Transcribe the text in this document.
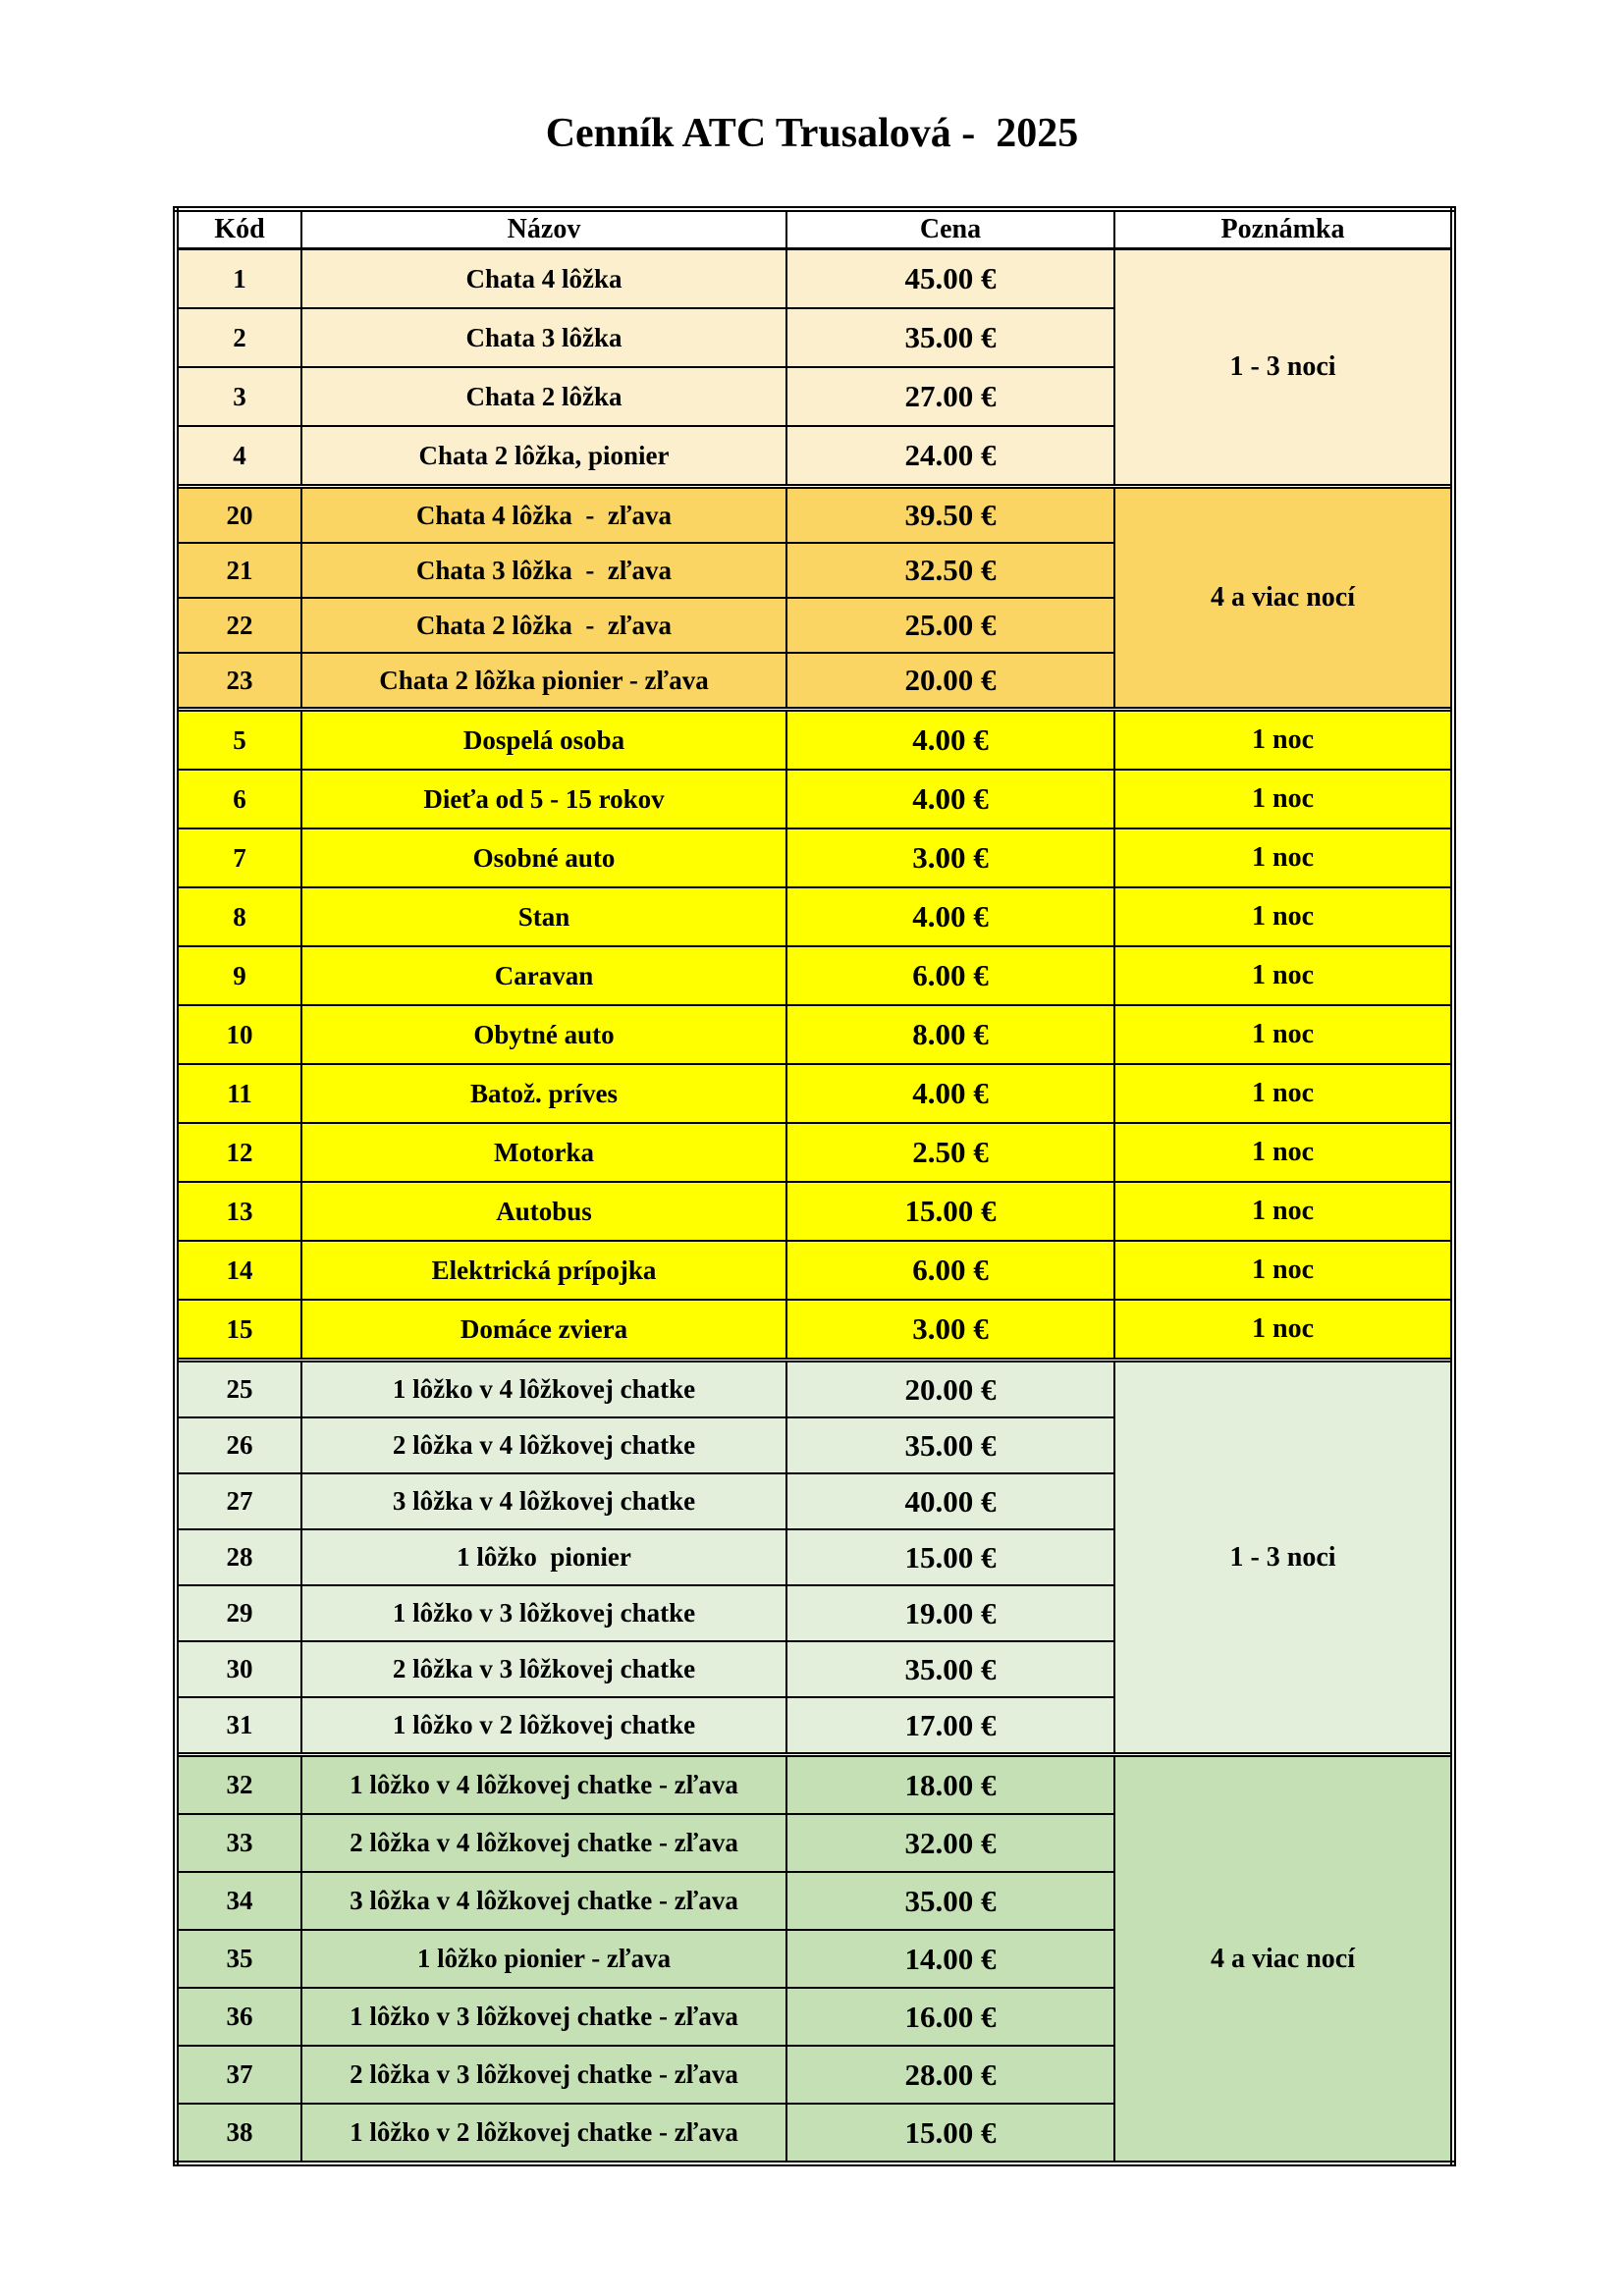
Cenník ATC Trusalová -  2025
Kód	Názov	Cena	Poznámka
1	Chata 4 lôžka	45.00 €	1 - 3 noci
2	Chata 3 lôžka	35.00 €	
3	Chata 2 lôžka	27.00 €	
4	Chata 2 lôžka, pionier	24.00 €	
20	Chata 4 lôžka  -  zľava	39.50 €	4 a viac nocí
21	Chata 3 lôžka  -  zľava	32.50 €	
22	Chata 2 lôžka  -  zľava	25.00 €	
23	Chata 2 lôžka pionier - zľava	20.00 €	
5	Dospelá osoba	4.00 €	1 noc
6	Dieťa od 5 - 15 rokov	4.00 €	1 noc
7	Osobné auto	3.00 €	1 noc
8	Stan	4.00 €	1 noc
9	Caravan	6.00 €	1 noc
10	Obytné auto	8.00 €	1 noc
11	Batož. príves	4.00 €	1 noc
12	Motorka	2.50 €	1 noc
13	Autobus	15.00 €	1 noc
14	Elektrická prípojka	6.00 €	1 noc
15	Domáce zviera	3.00 €	1 noc
25	1 lôžko v 4 lôžkovej chatke	20.00 €	1 - 3 noci
26	2 lôžka v 4 lôžkovej chatke	35.00 €	
27	3 lôžka v 4 lôžkovej chatke	40.00 €	
28	1 lôžko  pionier	15.00 €	
29	1 lôžko v 3 lôžkovej chatke	19.00 €	
30	2 lôžka v 3 lôžkovej chatke	35.00 €	
31	1 lôžko v 2 lôžkovej chatke	17.00 €	
32	1 lôžko v 4 lôžkovej chatke - zľava	18.00 €	4 a viac nocí
33	2 lôžka v 4 lôžkovej chatke - zľava	32.00 €	
34	3 lôžka v 4 lôžkovej chatke - zľava	35.00 €	
35	1 lôžko pionier - zľava	14.00 €	
36	1 lôžko v 3 lôžkovej chatke - zľava	16.00 €	
37	2 lôžka v 3 lôžkovej chatke - zľava	28.00 €	
38	1 lôžko v 2 lôžkovej chatke - zľava	15.00 €	
